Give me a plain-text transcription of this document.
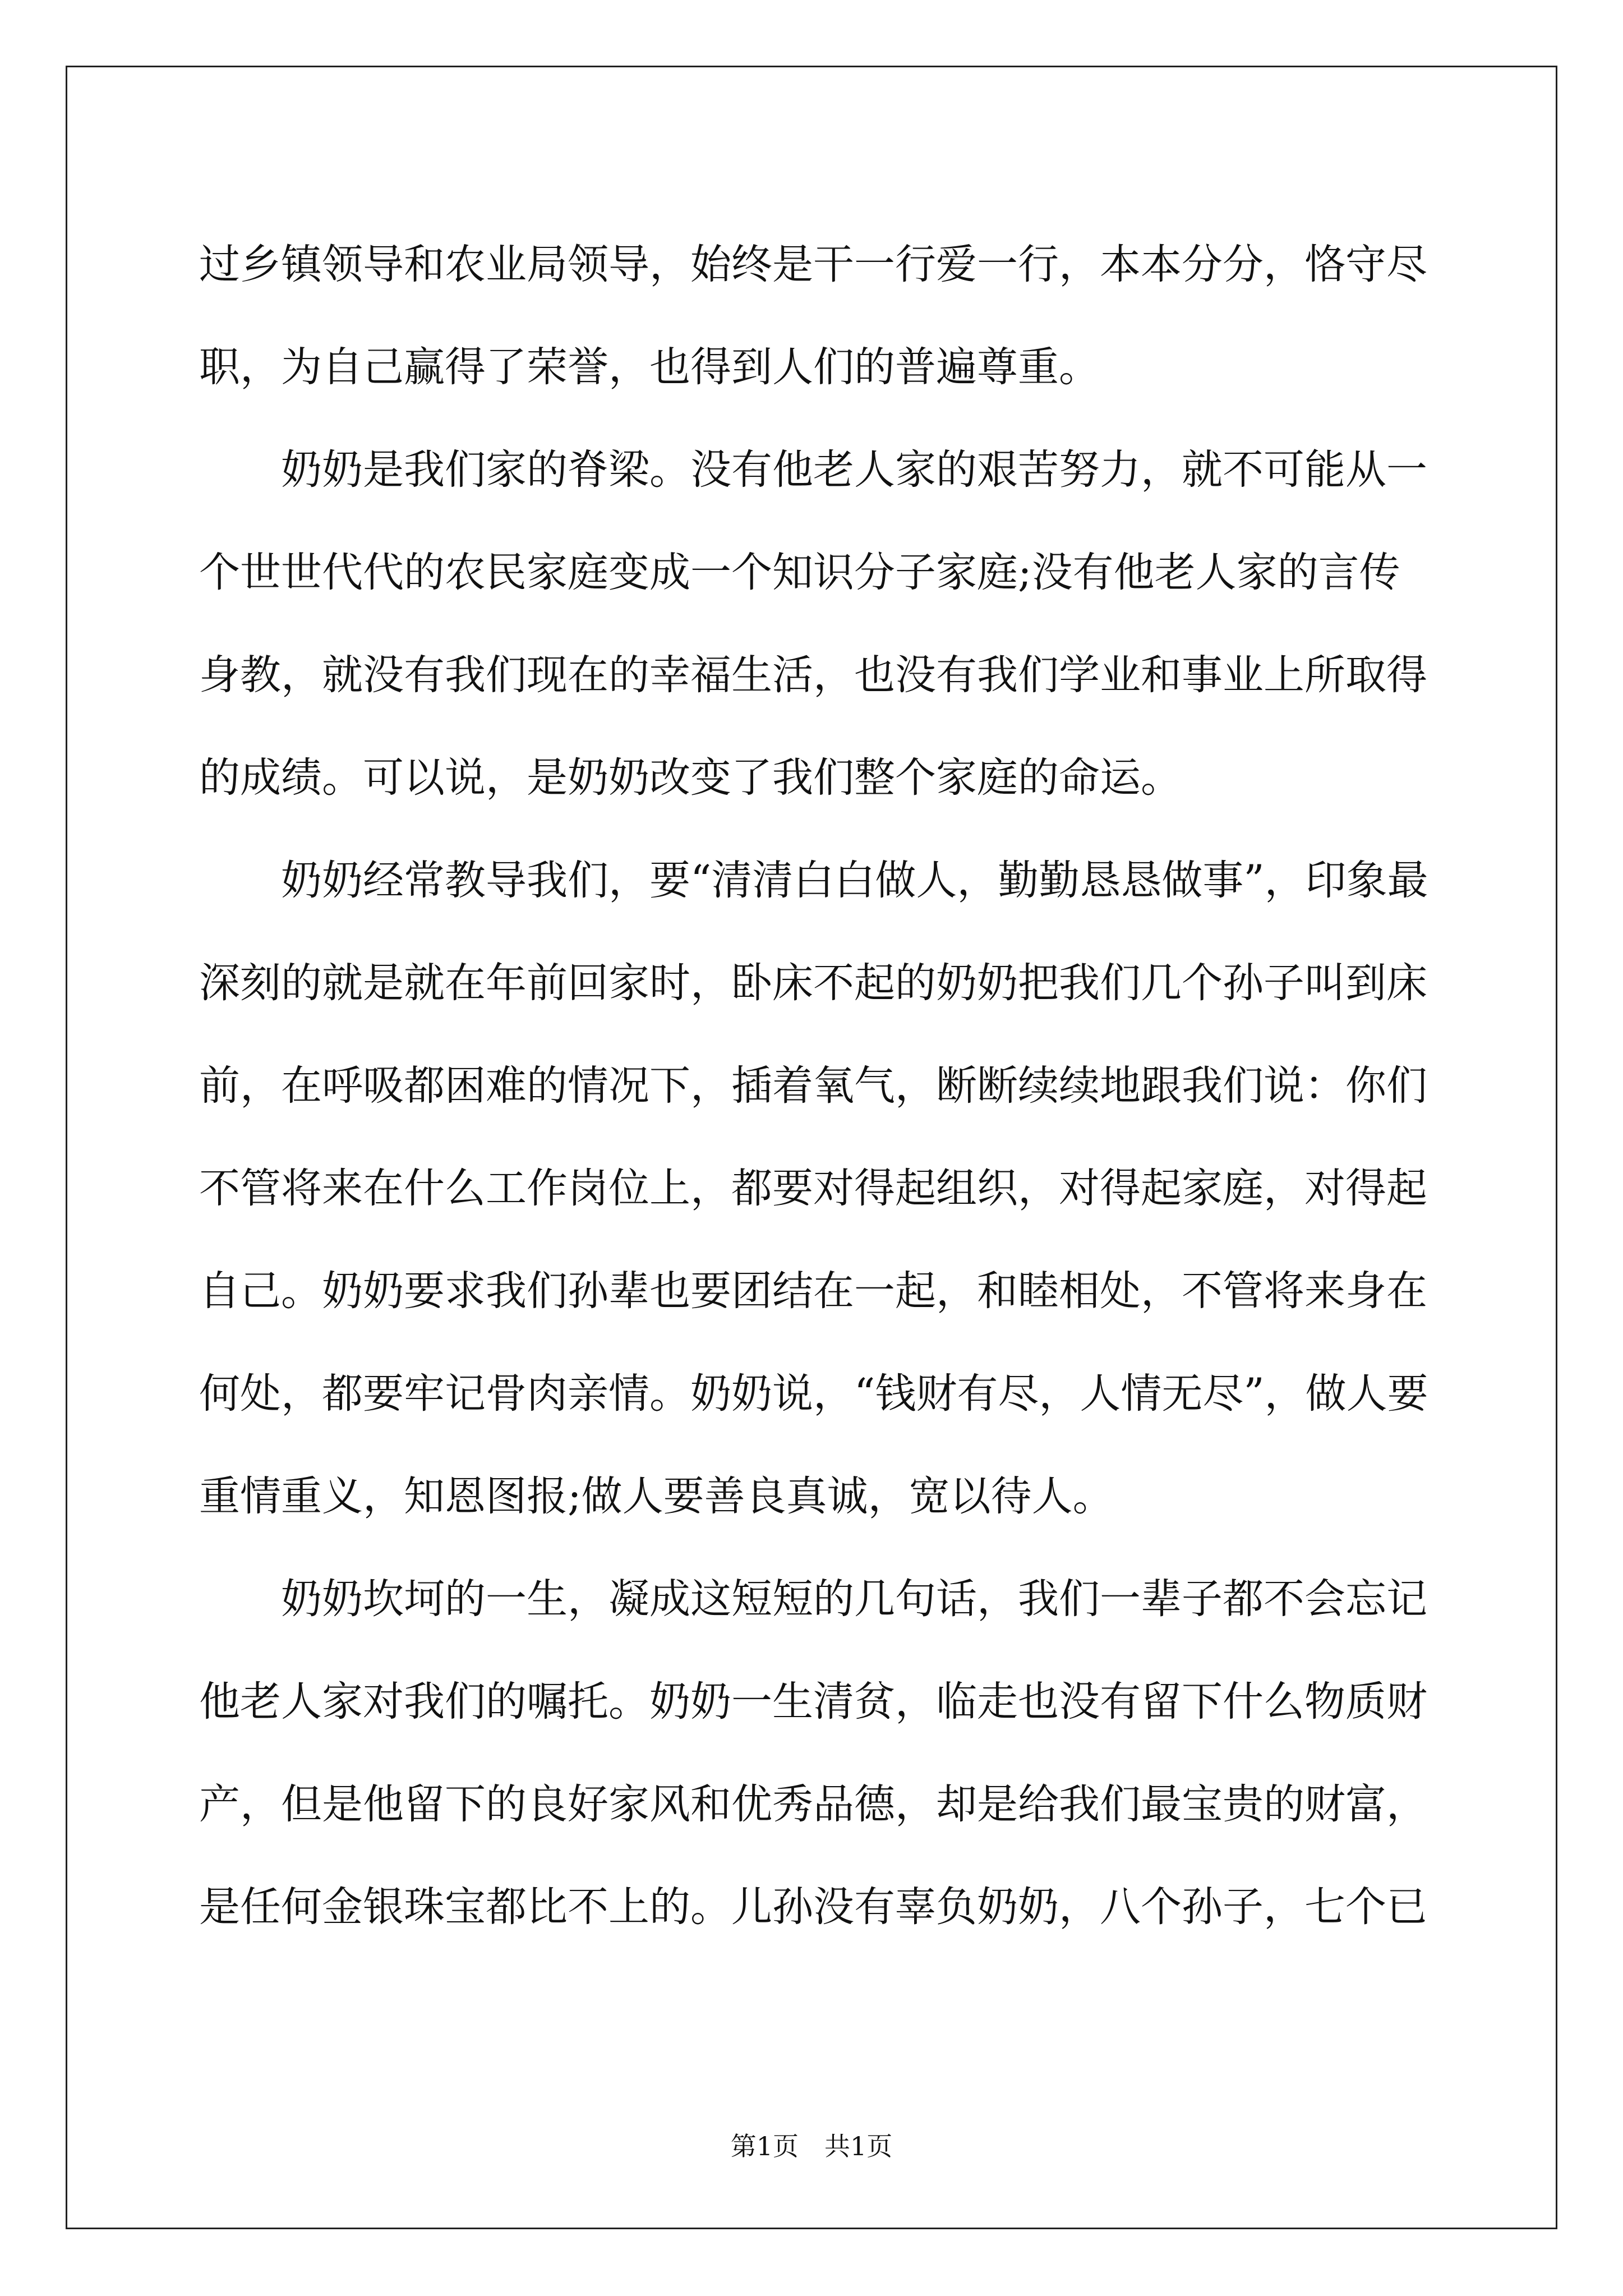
过乡镇领导和农业局领导，始终是干一行爱一行，本本分分，恪守尽
职，为自己赢得了荣誉，也得到人们的普遍尊重。
　　奶奶是我们家的脊梁。没有他老人家的艰苦努力，就不可能从一
个世世代代的农民家庭变成一个知识分子家庭;没有他老人家的言传
身教，就没有我们现在的幸福生活，也没有我们学业和事业上所取得
的成绩。可以说，是奶奶改变了我们整个家庭的命运。
　　奶奶经常教导我们，要“清清白白做人，勤勤恳恳做事”，印象最
深刻的就是就在年前回家时，卧床不起的奶奶把我们几个孙子叫到床
前，在呼吸都困难的情况下，插着氧气，断断续续地跟我们说：你们
不管将来在什么工作岗位上，都要对得起组织，对得起家庭，对得起
自己。奶奶要求我们孙辈也要团结在一起，和睦相处，不管将来身在
何处，都要牢记骨肉亲情。奶奶说，“钱财有尽，人情无尽”，做人要
重情重义，知恩图报;做人要善良真诚，宽以待人。
　　奶奶坎坷的一生，凝成这短短的几句话，我们一辈子都不会忘记
他老人家对我们的嘱托。奶奶一生清贫，临走也没有留下什么物质财
产，但是他留下的良好家风和优秀品德，却是给我们最宝贵的财富，
是任何金银珠宝都比不上的。儿孙没有辜负奶奶，八个孙子，七个已
第1页　共1页
